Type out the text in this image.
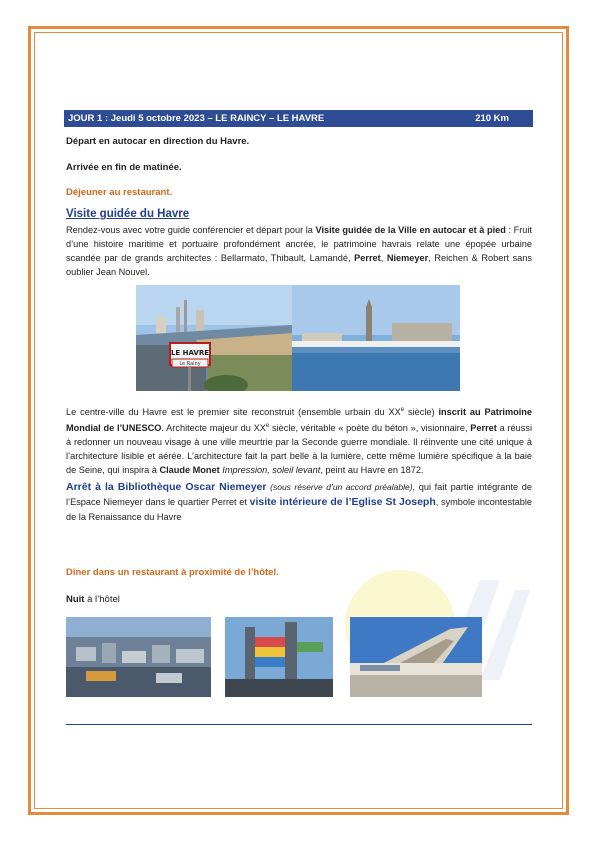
JOUR 1 : Jeudi 5 octobre 2023 – LE RAINCY – LE HAVRE	210 Km
Départ en autocar en direction du Havre.
Arrivée en fin de matinée.
Déjeuner au restaurant.
Visite guidée du Havre
Rendez-vous avec votre guide conférencier et départ pour la Visite guidée de la Ville en autocar et à pied : Fruit d’une histoire maritime et portuaire profondément ancrée, le patrimoine havrais relate une épopée urbaine scandée par de grands architectes : Bellarmato, Thibault, Lamandé, Perret, Niemeyer, Reichen & Robert sans oublier Jean Nouvel.
LE HAVRE
Le Rainy
Le centre-ville du Havre est le premier site reconstruit (ensemble urbain du XXe siècle) inscrit au Patrimoine Mondial de l’UNESCO. Architecte majeur du XXe siècle, véritable « poète du béton », visionnaire, Perret a réussi à redonner un nouveau visage à une ville meurtrie par la Seconde guerre mondiale. Il réinvente une cité unique à l’architecture lisible et aérée. L’architecture fait la part belle à la lumière, cette même lumière spécifique à la baie de Seine, qui inspira à Claude Monet Impression, soleil levant, peint au Havre en 1872.
Arrêt à la Bibliothèque Oscar Niemeyer (sous réserve d’un accord préalable), qui fait partie intégrante de l’Espace Niemeyer dans le quartier Perret et visite intérieure de l’Eglise St Joseph, symbole incontestable de la Renaissance du Havre
Dîner dans un restaurant à proximité de l’hôtel.
Nuit à l’hôtel
